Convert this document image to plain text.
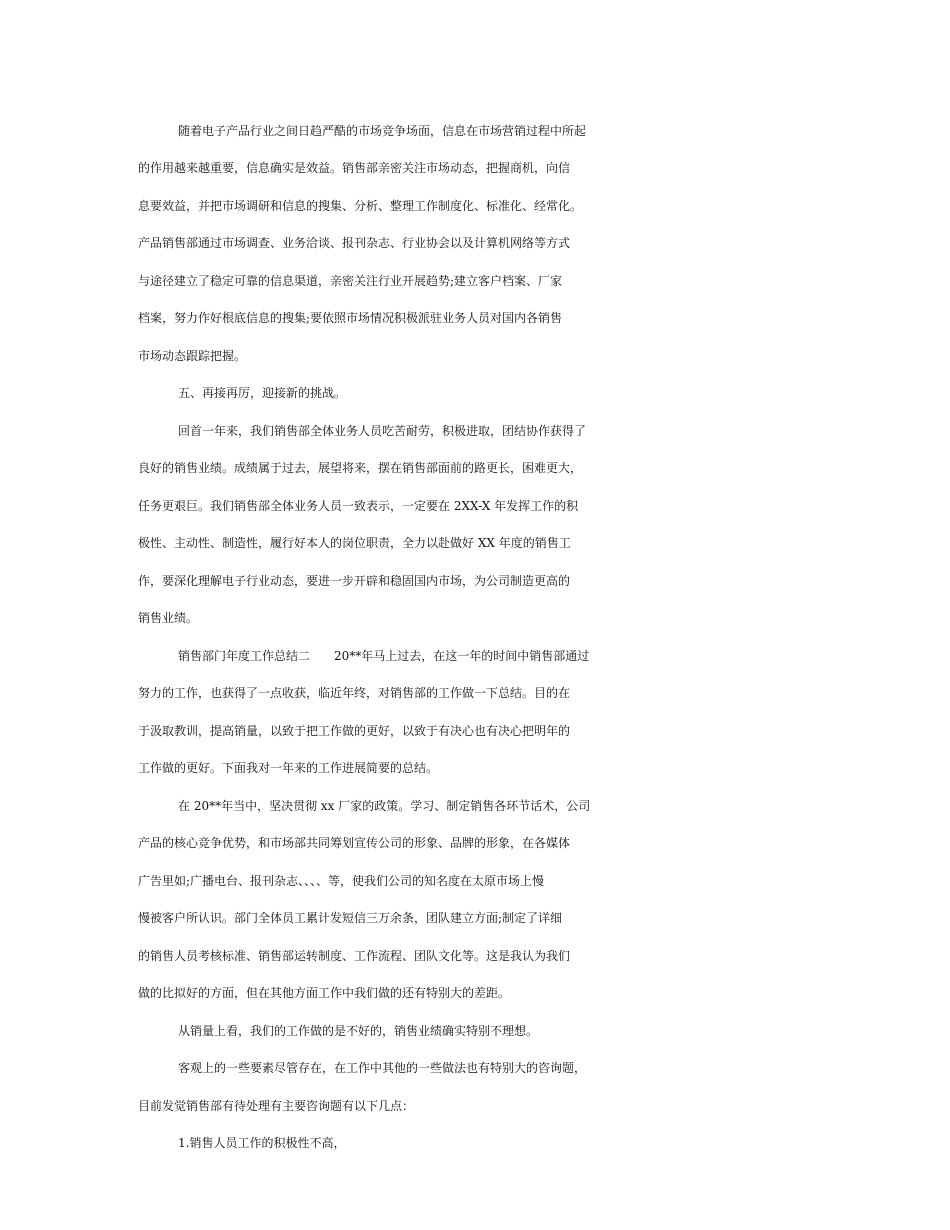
随着电子产品行业之间日趋严酷的市场竞争场面，信息在市场营销过程中所起
的作用越来越重要，信息确实是效益。销售部亲密关注市场动态，把握商机，向信
息要效益，并把市场调研和信息的搜集、分析、整理工作制度化、标准化、经常化。
产品销售部通过市场调查、业务洽谈、报刊杂志、行业协会以及计算机网络等方式
与途径建立了稳定可靠的信息渠道，亲密关注行业开展趋势;建立客户档案、厂家
档案，努力作好根底信息的搜集;要依照市场情况积极派驻业务人员对国内各销售
市场动态跟踪把握。
五、再接再厉，迎接新的挑战。
回首一年来，我们销售部全体业务人员吃苦耐劳，积极进取，团结协作获得了
良好的销售业绩。成绩属于过去，展望将来，摆在销售部面前的路更长，困难更大，
任务更艰巨。我们销售部全体业务人员一致表示，一定要在 2XX-X 年发挥工作的积
极性、主动性、制造性，履行好本人的岗位职责，全力以赴做好 XX 年度的销售工
作，要深化理解电子行业动态，要进一步开辟和稳固国内市场，为公司制造更高的
销售业绩。
销售部门年度工作总结二　　20**年马上过去，在这一年的时间中销售部通过
努力的工作，也获得了一点收获，临近年终，对销售部的工作做一下总结。目的在
于汲取教训，提高销量，以致于把工作做的更好，以致于有决心也有决心把明年的
工作做的更好。下面我对一年来的工作进展简要的总结。
在 20**年当中，坚决贯彻 xx 厂家的政策。学习、制定销售各环节话术，公司
产品的核心竞争优势，和市场部共同筹划宣传公司的形象、品牌的形象，在各媒体
广告里如;广播电台、报刊杂志、、、、等，使我们公司的知名度在太原市场上慢
慢被客户所认识。部门全体员工累计发短信三万余条，团队建立方面;制定了详细
的销售人员考核标准、销售部运转制度、工作流程、团队文化等。这是我认为我们
做的比拟好的方面，但在其他方面工作中我们做的还有特别大的差距。
从销量上看，我们的工作做的是不好的，销售业绩确实特别不理想。
客观上的一些要素尽管存在，在工作中其他的一些做法也有特别大的咨询题，
目前发觉销售部有待处理有主要咨询题有以下几点：
1.销售人员工作的积极性不高，
